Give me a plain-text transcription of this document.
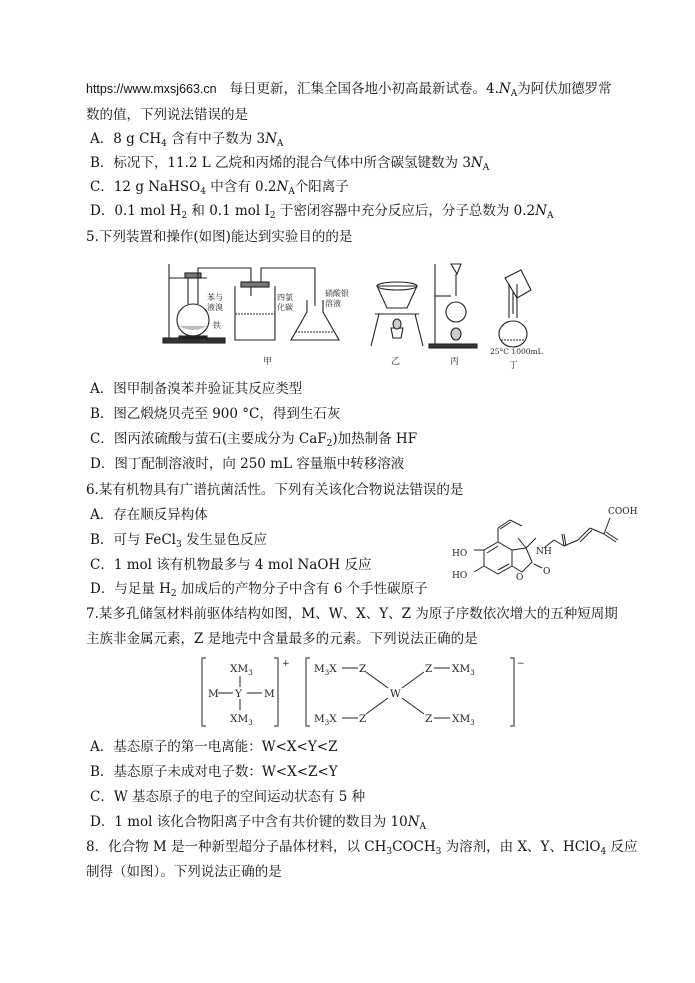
https://www.mxsj663.cn 每日更新，汇集全国各地小初高最新试卷。$4.N_A$为阿伏加德罗常
数的值，下列说法错误的是
A．8 g $CH_4$ 含有中子数为 $3N_A$
B．标况下，11.2 L 乙烷和丙烯的混合气体中所含碳氢键数为 $3N_A$
C．12 g NaHSO$_4$ 中含有 $0.2N_A$个阳离子
D．0.1 mol $H_2$ 和 0.1 mol $I_2$ 于密闭容器中充分反应后，分子总数为 $0.2N_A$
5.下列装置和操作(如图)能达到实验目的的是
苯与
液溴
铁
四氯
化碳
硝酸银
溶液
25°C 1000mL
甲	乙	丙	丁
A．图甲制备溴苯并验证其反应类型
B．图乙煅烧贝壳至 900 °C，得到生石灰
C．图丙浓硫酸与萤石(主要成分为 CaF$_2$)加热制备 HF
D．图丁配制溶液时，向 250 mL 容量瓶中转移溶液
6.某有机物具有广谱抗菌活性。下列有关该化合物说法错误的是
A．存在顺反异构体
B．可与 FeCl$_3$ 发生显色反应
C．1 mol 该有机物最多与 4 mol NaOH 反应
D．与足量 $H_2$ 加成后的产物分子中含有 6 个手性碳原子
COOH
NH
HO
HO	O
O
7.某多孔储氢材料前驱体结构如图，M、W、X、Y、Z 为原子序数依次增大的五种短周期
主族非金属元素，Z 是地壳中含量最多的元素。下列说法正确的是
$XM_3$
M Y M
$XM_3$
+ $M_3X$ Z
$M_3X$ Z
W
Z $XM_3$
Z $XM_3$
−
A．基态原子的第一电离能：W<X<Y<Z
B．基态原子未成对电子数：W<X<Z<Y
C．W 基态原子的电子的空间运动状态有 5 种
D．1 mol 该化合物阳离子中含有共价键的数目为 $10N_A$
8．化合物 M 是一种新型超分子晶体材料，以 $CH_3COCH_3$ 为溶剂，由 X、Y、HClO$_4$ 反应
制得（如图）。下列说法正确的是
